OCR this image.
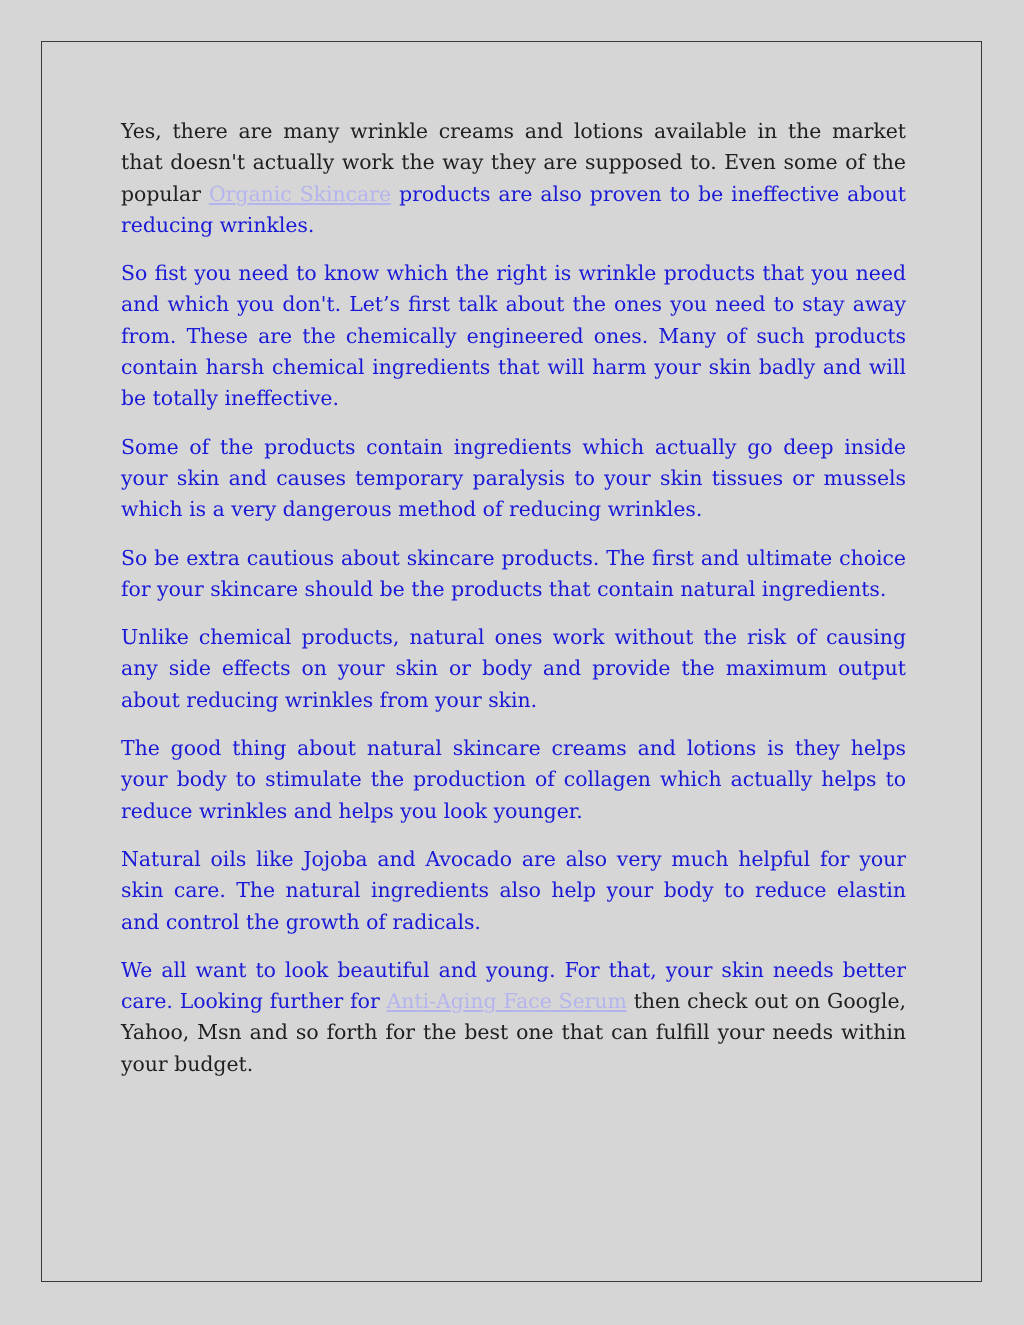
Yes, there are many wrinkle creams and lotions available in the market that doesn't actually work the way they are supposed to. Even some of the popular Organic Skincare products are also proven to be ineffective about reducing wrinkles.

So fist you need to know which the right is wrinkle products that you need and which you don't. Let’s first talk about the ones you need to stay away from. These are the chemically engineered ones. Many of such products contain harsh chemical ingredients that will harm your skin badly and will be totally ineffective.

Some of the products contain ingredients which actually go deep inside your skin and causes temporary paralysis to your skin tissues or mussels which is a very dangerous method of reducing wrinkles.

So be extra cautious about skincare products. The first and ultimate choice for your skincare should be the products that contain natural ingredients.

Unlike chemical products, natural ones work without the risk of causing any side effects on your skin or body and provide the maximum output about reducing wrinkles from your skin.

The good thing about natural skincare creams and lotions is they helps your body to stimulate the production of collagen which actually helps to reduce wrinkles and helps you look younger.

Natural oils like Jojoba and Avocado are also very much helpful for your skin care. The natural ingredients also help your body to reduce elastin and control the growth of radicals.

We all want to look beautiful and young. For that, your skin needs better care. Looking further for Anti-Aging Face Serum then check out on Google, Yahoo, Msn and so forth for the best one that can fulfill your needs within your budget.
